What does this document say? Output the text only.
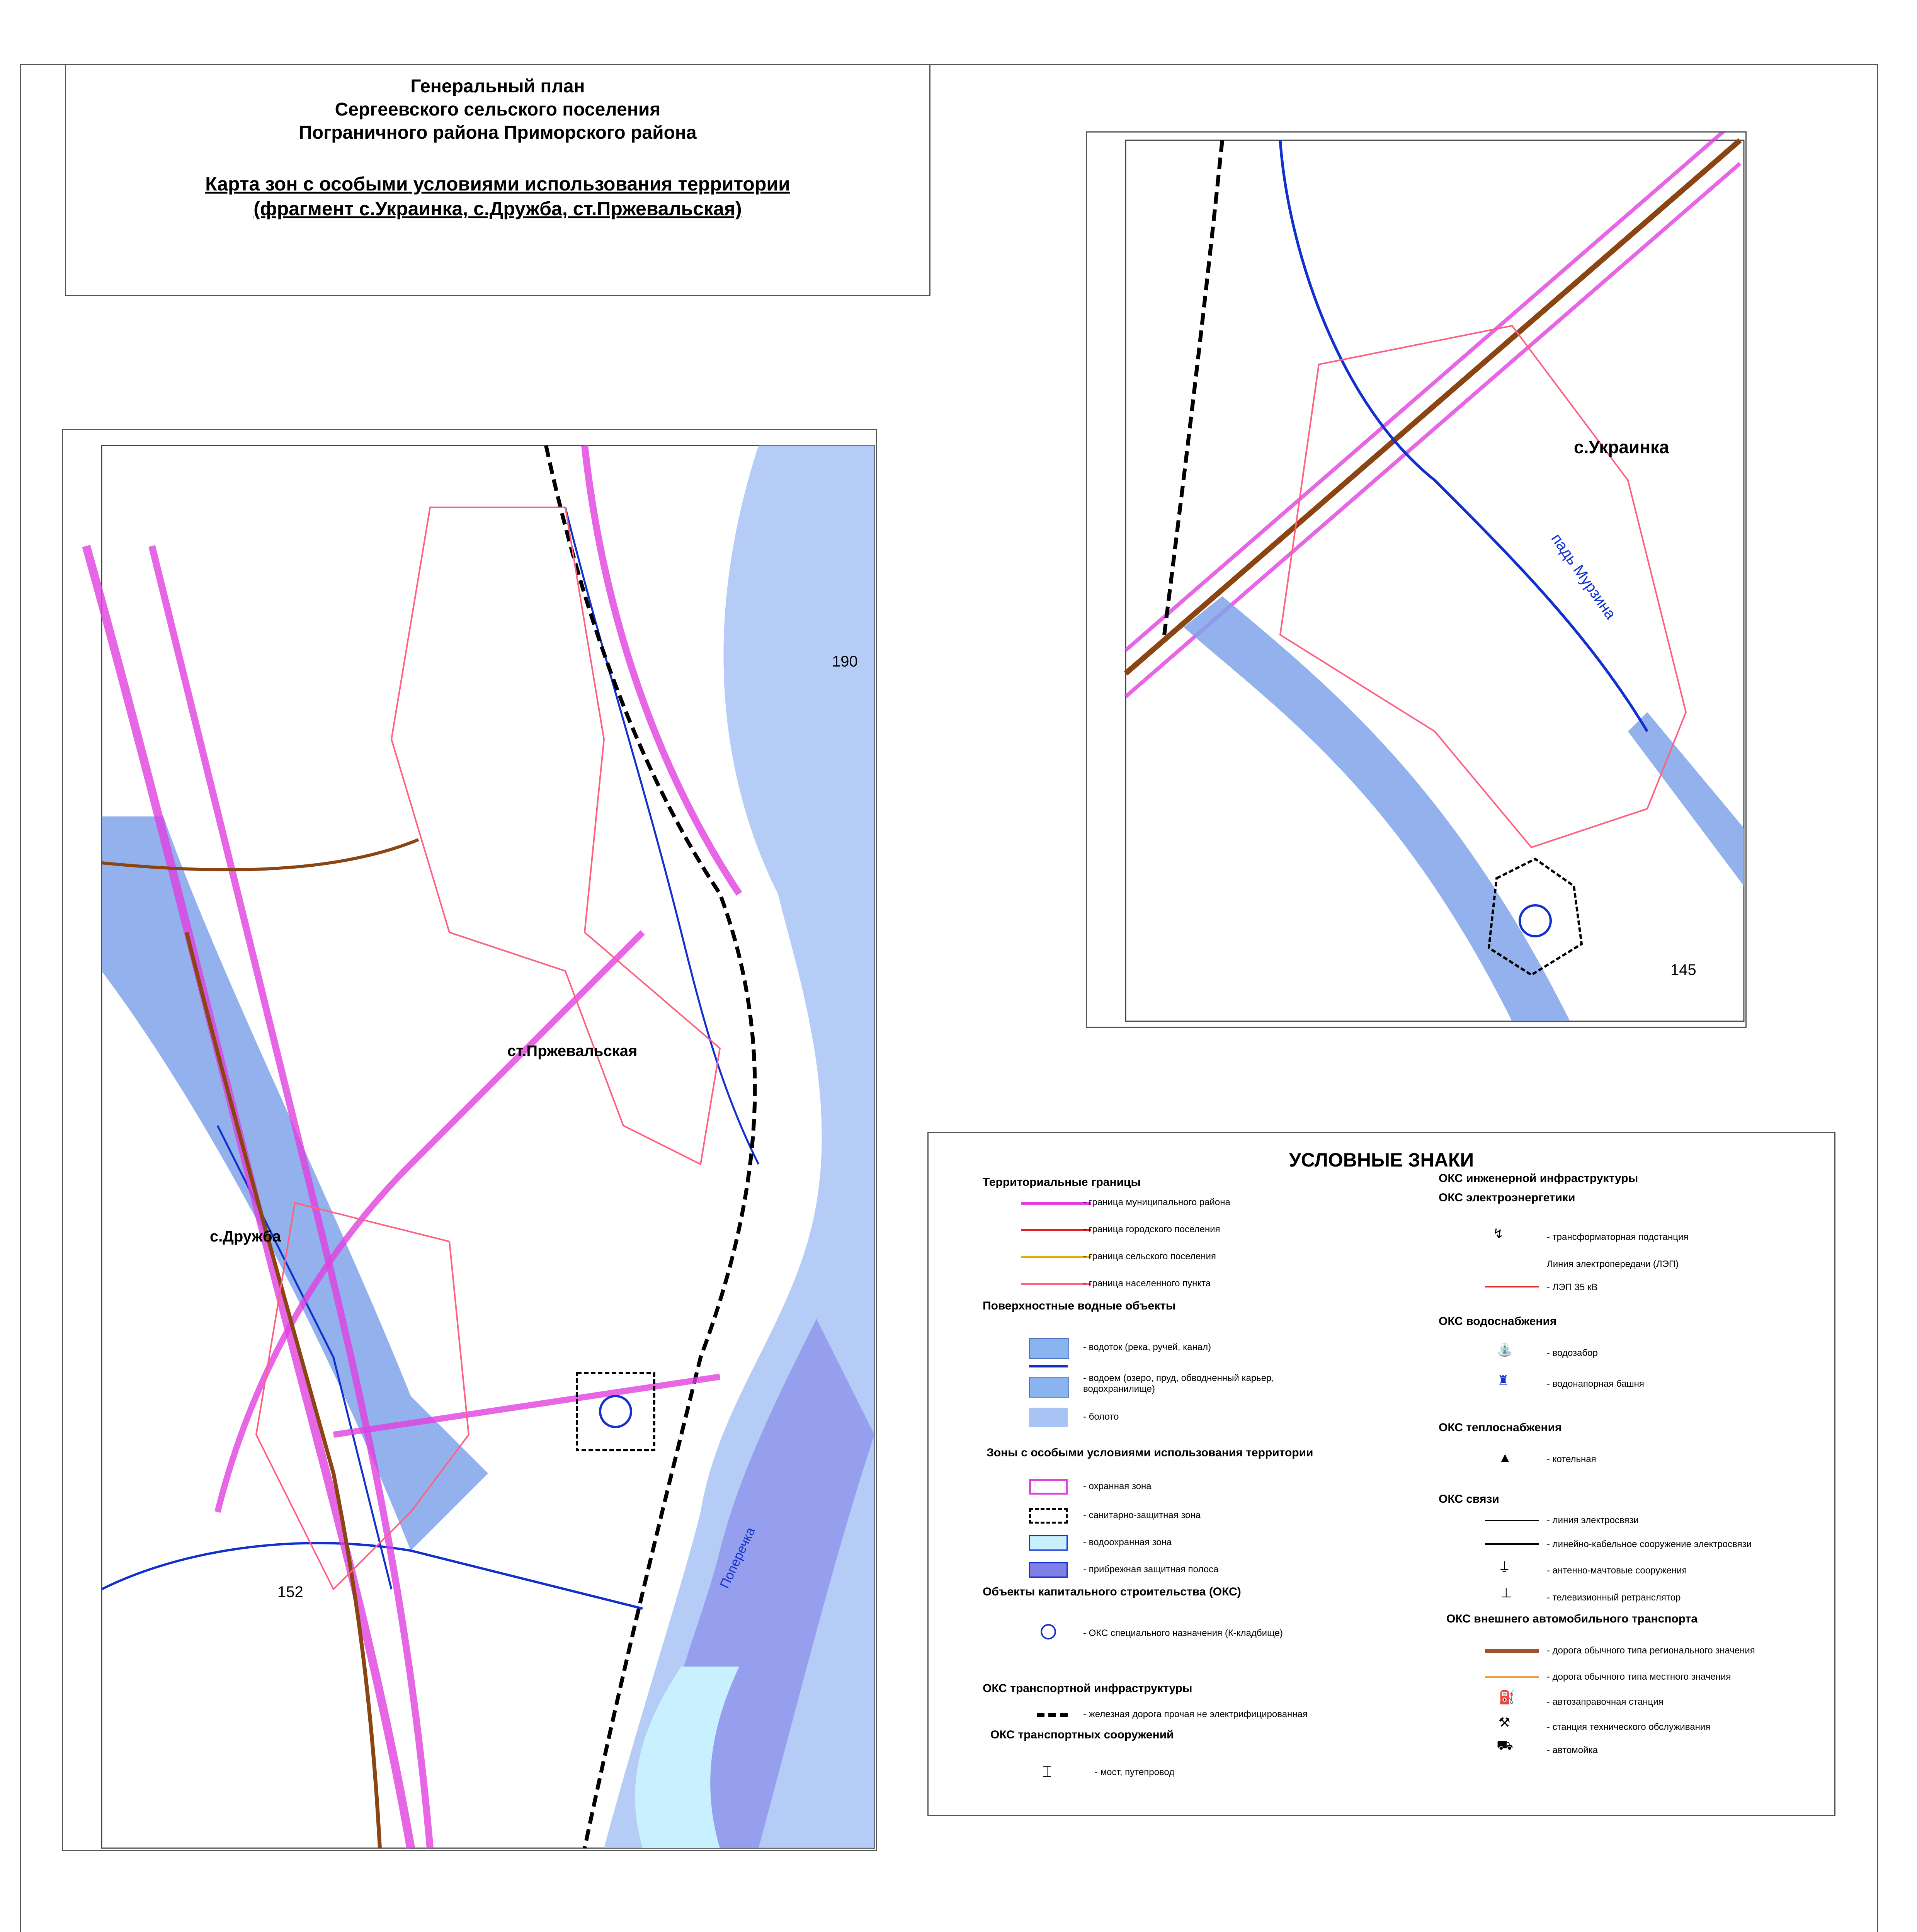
Генеральный план
Сергеевского сельского поселения
Пограничного района Приморского района
Карта зон с особыми условиями использования территории
(фрагмент с.Украинка, с.Дружба, ст.Пржевальская)
190
ст.Пржевальская
с.Дружба
152
Поперечка
с.Украинка
падь Мурзина
145
УСЛОВНЫЕ ЗНАКИ
Территориальные границы
- граница муниципального района
- граница городского поселения
- граница сельского поселения
- граница населенного пункта
Поверхностные водные объекты
- водоток (река, ручей, канал)
- водоем (озеро, пруд, обводненный карьер, водохранилище)
- болото
Зоны с особыми условиями использования территории
- охранная зона
- санитарно-защитная зона
- водоохранная зона
- прибрежная защитная полоса
Объекты капитального строительства (ОКС)
- ОКС специального назначения (К-кладбище)
ОКС транспортной инфраструктуры
- железная дорога прочая не электрифицированная
ОКС транспортных сооружений
⌶	- мост, путепровод
ОКС инженерной инфраструктуры
ОКС электроэнергетики
↯	- трансформаторная подстанция
Линия электропередачи (ЛЭП)
- ЛЭП 35 кВ
ОКС водоснабжения
⛲	- водозабор
♜	- водонапорная башня
ОКС теплоснабжения
▲	- котельная
ОКС связи
- линия электросвязи
- линейно-кабельное сооружение электросвязи
⍊	- антенно-мачтовые сооружения
⊥	- телевизионный ретранслятор
ОКС внешнего автомобильного транспорта
- дорога обычного типа регионального значения
- дорога обычного типа местного значения
⛽	- автозаправочная станция
⚒	- станция технического обслуживания
⛟	- автомойка
